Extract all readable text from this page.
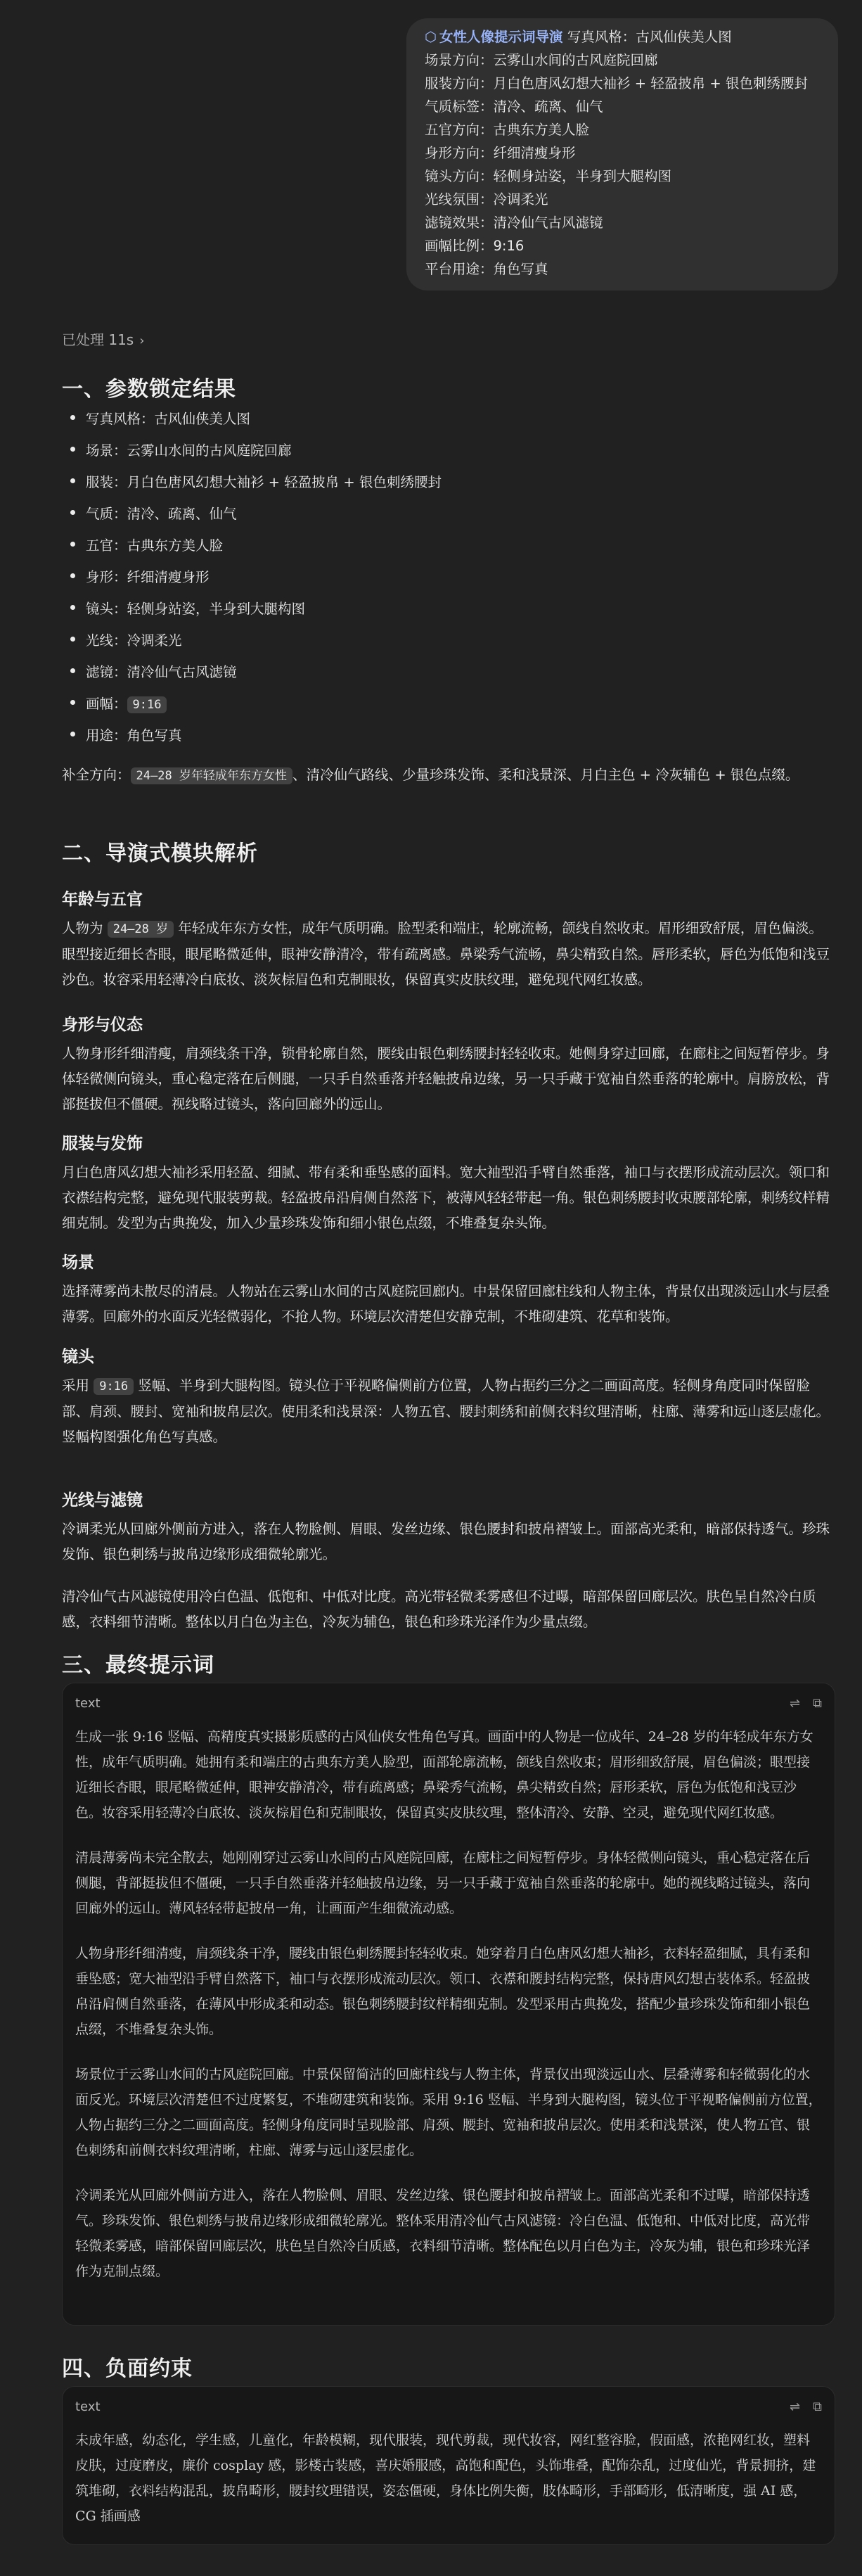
⬡ 女性人像提示词导演 写真风格：古风仙侠美人图
场景方向：云雾山水间的古风庭院回廊
服装方向：月白色唐风幻想大袖衫 + 轻盈披帛 + 银色刺绣腰封
气质标签：清冷、疏离、仙气
五官方向：古典东方美人脸
身形方向：纤细清瘦身形
镜头方向：轻侧身站姿，半身到大腿构图
光线氛围：冷调柔光
滤镜效果：清冷仙气古风滤镜
画幅比例：9:16
平台用途：角色写真
已处理 11s ›
一、参数锁定结果
写真风格：古风仙侠美人图
场景：云雾山水间的古风庭院回廊
服装：月白色唐风幻想大袖衫 + 轻盈披帛 + 银色刺绣腰封
气质：清冷、疏离、仙气
五官：古典东方美人脸
身形：纤细清瘦身形
镜头：轻侧身站姿，半身到大腿构图
光线：冷调柔光
滤镜：清冷仙气古风滤镜
画幅： 9:16
用途：角色写真

补全方向： 24–28 岁年轻成年东方女性 、清冷仙气路线、少量珍珠发饰、柔和浅景深、月白主色 + 冷灰辅色 + 银色点缀。

二、导演式模块解析
年龄与五官

人物为 24–28 岁 年轻成年东方女性，成年气质明确。脸型柔和端庄，轮廓流畅，颌线自然收束。眉形细致舒展，眉色偏淡。眼型接近细长杏眼，眼尾略微延伸，眼神安静清冷，带有疏离感。鼻梁秀气流畅，鼻尖精致自然。唇形柔软，唇色为低饱和浅豆沙色。妆容采用轻薄冷白底妆、淡灰棕眉色和克制眼妆，保留真实皮肤纹理，避免现代网红妆感。

身形与仪态

人物身形纤细清瘦，肩颈线条干净，锁骨轮廓自然，腰线由银色刺绣腰封轻轻收束。她侧身穿过回廊，在廊柱之间短暂停步。身体轻微侧向镜头，重心稳定落在后侧腿，一只手自然垂落并轻触披帛边缘，另一只手藏于宽袖自然垂落的轮廓中。肩膀放松，背部挺拔但不僵硬。视线略过镜头，落向回廊外的远山。

服装与发饰

月白色唐风幻想大袖衫采用轻盈、细腻、带有柔和垂坠感的面料。宽大袖型沿手臂自然垂落，袖口与衣摆形成流动层次。领口和衣襟结构完整，避免现代服装剪裁。轻盈披帛沿肩侧自然落下，被薄风轻轻带起一角。银色刺绣腰封收束腰部轮廓，刺绣纹样精细克制。发型为古典挽发，加入少量珍珠发饰和细小银色点缀，不堆叠复杂头饰。

场景

选择薄雾尚未散尽的清晨。人物站在云雾山水间的古风庭院回廊内。中景保留回廊柱线和人物主体，背景仅出现淡远山水与层叠薄雾。回廊外的水面反光轻微弱化，不抢人物。环境层次清楚但安静克制，不堆砌建筑、花草和装饰。

镜头

采用 9:16 竖幅、半身到大腿构图。镜头位于平视略偏侧前方位置，人物占据约三分之二画面高度。轻侧身角度同时保留脸部、肩颈、腰封、宽袖和披帛层次。使用柔和浅景深：人物五官、腰封刺绣和前侧衣料纹理清晰，柱廊、薄雾和远山逐层虚化。竖幅构图强化角色写真感。

光线与滤镜

冷调柔光从回廊外侧前方进入，落在人物脸侧、眉眼、发丝边缘、银色腰封和披帛褶皱上。面部高光柔和，暗部保持透气。珍珠发饰、银色刺绣与披帛边缘形成细微轮廓光。

清冷仙气古风滤镜使用冷白色温、低饱和、中低对比度。高光带轻微柔雾感但不过曝，暗部保留回廊层次。肤色呈自然冷白质感，衣料细节清晰。整体以月白色为主色，冷灰为辅色，银色和珍珠光泽作为少量点缀。

三、最终提示词
text	⇌ ⧉

生成一张 9:16 竖幅、高精度真实摄影质感的古风仙侠女性角色写真。画面中的人物是一位成年、24–28 岁的年轻成年东方女性，成年气质明确。她拥有柔和端庄的古典东方美人脸型，面部轮廓流畅，颌线自然收束；眉形细致舒展，眉色偏淡；眼型接近细长杏眼，眼尾略微延伸，眼神安静清冷，带有疏离感；鼻梁秀气流畅，鼻尖精致自然；唇形柔软，唇色为低饱和浅豆沙色。妆容采用轻薄冷白底妆、淡灰棕眉色和克制眼妆，保留真实皮肤纹理，整体清冷、安静、空灵，避免现代网红妆感。

清晨薄雾尚未完全散去，她刚刚穿过云雾山水间的古风庭院回廊，在廊柱之间短暂停步。身体轻微侧向镜头，重心稳定落在后侧腿，背部挺拔但不僵硬，一只手自然垂落并轻触披帛边缘，另一只手藏于宽袖自然垂落的轮廓中。她的视线略过镜头，落向回廊外的远山。薄风轻轻带起披帛一角，让画面产生细微流动感。

人物身形纤细清瘦，肩颈线条干净，腰线由银色刺绣腰封轻轻收束。她穿着月白色唐风幻想大袖衫，衣料轻盈细腻，具有柔和垂坠感；宽大袖型沿手臂自然落下，袖口与衣摆形成流动层次。领口、衣襟和腰封结构完整，保持唐风幻想古装体系。轻盈披帛沿肩侧自然垂落，在薄风中形成柔和动态。银色刺绣腰封纹样精细克制。发型采用古典挽发，搭配少量珍珠发饰和细小银色点缀，不堆叠复杂头饰。

场景位于云雾山水间的古风庭院回廊。中景保留简洁的回廊柱线与人物主体，背景仅出现淡远山水、层叠薄雾和轻微弱化的水面反光。环境层次清楚但不过度繁复，不堆砌建筑和装饰。采用 9:16 竖幅、半身到大腿构图，镜头位于平视略偏侧前方位置，人物占据约三分之二画面高度。轻侧身角度同时呈现脸部、肩颈、腰封、宽袖和披帛层次。使用柔和浅景深，使人物五官、银色刺绣和前侧衣料纹理清晰，柱廊、薄雾与远山逐层虚化。

冷调柔光从回廊外侧前方进入，落在人物脸侧、眉眼、发丝边缘、银色腰封和披帛褶皱上。面部高光柔和不过曝，暗部保持透气。珍珠发饰、银色刺绣与披帛边缘形成细微轮廓光。整体采用清冷仙气古风滤镜：冷白色温、低饱和、中低对比度，高光带轻微柔雾感，暗部保留回廊层次，肤色呈自然冷白质感，衣料细节清晰。整体配色以月白色为主，冷灰为辅，银色和珍珠光泽作为克制点缀。

四、负面约束
text	⇌ ⧉

未成年感，幼态化，学生感，儿童化，年龄模糊，现代服装，现代剪裁，现代妆容，网红整容脸，假面感，浓艳网红妆，塑料皮肤，过度磨皮，廉价 cosplay 感，影楼古装感，喜庆婚服感，高饱和配色，头饰堆叠，配饰杂乱，过度仙光，背景拥挤，建筑堆砌，衣料结构混乱，披帛畸形，腰封纹理错误，姿态僵硬，身体比例失衡，肢体畸形，手部畸形，低清晰度，强 AI 感，CG 插画感
